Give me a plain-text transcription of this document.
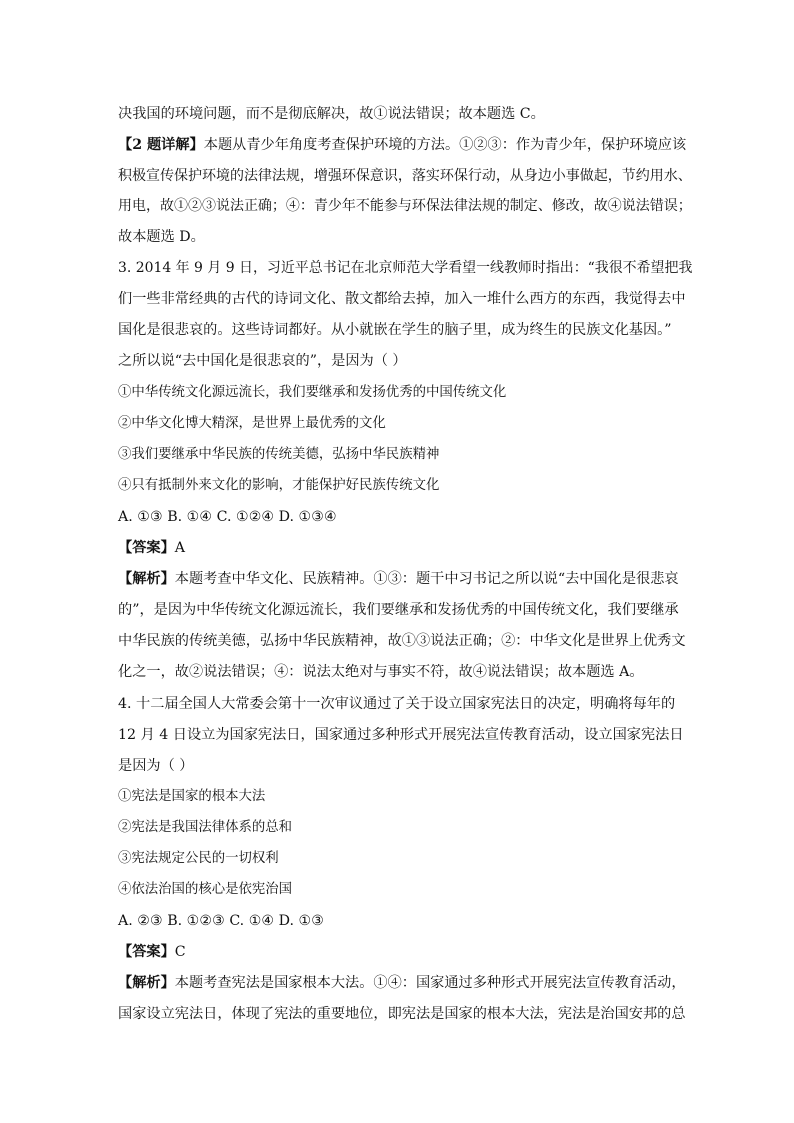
决我国的环境问题，而不是彻底解决，故①说法错误；故本题选 C。
【2 题详解】本题从青少年角度考查保护环境的方法。①②③：作为青少年，保护环境应该
积极宣传保护环境的法律法规，增强环保意识，落实环保行动，从身边小事做起，节约用水、
用电，故①②③说法正确；④：青少年不能参与环保法律法规的制定、修改，故④说法错误；
故本题选 D。
3. 2014 年 9 月 9 日，习近平总书记在北京师范大学看望一线教师时指出：“我很不希望把我
们一些非常经典的古代的诗词文化、散文都给去掉，加入一堆什么西方的东西，我觉得去中
国化是很悲哀的。这些诗词都好。从小就嵌在学生的脑子里，成为终生的民族文化基因。”
之所以说“去中国化是很悲哀的”，是因为（ ）
①中华传统文化源远流长，我们要继承和发扬优秀的中国传统文化
②中华文化博大精深，是世界上最优秀的文化
③我们要继承中华民族的传统美德，弘扬中华民族精神
④只有抵制外来文化的影响，才能保护好民族传统文化
A. ①③ B. ①④ C. ①②④ D. ①③④
【答案】A
【解析】本题考查中华文化、民族精神。①③：题干中习书记之所以说“去中国化是很悲哀
的”，是因为中华传统文化源远流长，我们要继承和发扬优秀的中国传统文化，我们要继承
中华民族的传统美德，弘扬中华民族精神，故①③说法正确；②：中华文化是世界上优秀文
化之一，故②说法错误；④：说法太绝对与事实不符，故④说法错误；故本题选 A。
4. 十二届全国人大常委会第十一次审议通过了关于设立国家宪法日的决定，明确将每年的
12 月 4 日设立为国家宪法日，国家通过多种形式开展宪法宣传教育活动，设立国家宪法日
是因为（ ）
①宪法是国家的根本大法
②宪法是我国法律体系的总和
③宪法规定公民的一切权利
④依法治国的核心是依宪治国
A. ②③ B. ①②③ C. ①④ D. ①③
【答案】C
【解析】本题考查宪法是国家根本大法。①④：国家通过多种形式开展宪法宣传教育活动，
国家设立宪法日，体现了宪法的重要地位，即宪法是国家的根本大法，宪法是治国安邦的总
